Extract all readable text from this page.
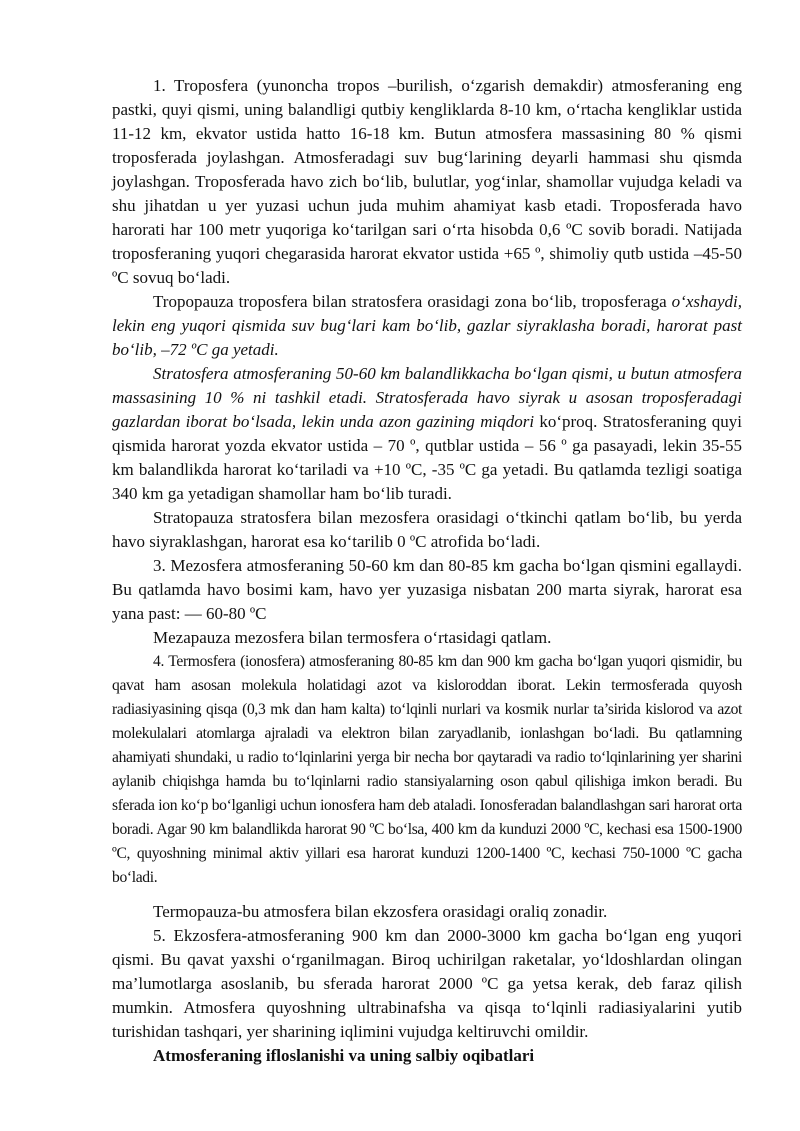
1. Troposfera (yunoncha tropos –burilish, o‘zgarish demakdir) atmosferaning eng pastki, quyi qismi, uning balandligi qutbiy kengliklarda 8-10 km, o‘rtacha kengliklar ustida 11-12 km, ekvator ustida hatto 16-18 km. Butun atmosfera massasining 80 % qismi troposferada joylashgan. Atmosferadagi suv bug‘larining deyarli hammasi shu qismda joylashgan. Troposferada havo zich bo‘lib, bulutlar, yog‘inlar, shamollar vujudga keladi va shu jihatdan u yer yuzasi uchun juda muhim ahamiyat kasb etadi. Troposferada havo harorati har 100 metr yuqoriga ko‘tarilgan sari o‘rta hisobda 0,6 ºC sovib boradi. Natijada troposferaning yuqori chegarasida harorat ekvator ustida +65 º, shimoliy qutb ustida –45-50 ºC sovuq bo‘ladi.

Tropopauza troposfera bilan stratosfera orasidagi zona bo‘lib, troposferaga o‘xshaydi, lekin eng yuqori qismida suv bug‘lari kam bo‘lib, gazlar siyraklasha boradi, harorat past bo‘lib, –72 ºC ga yetadi.

Stratosfera atmosferaning 50-60 km balandlikkacha bo‘lgan qismi, u butun atmosfera massasining 10 % ni tashkil etadi. Stratosferada havo siyrak u asosan troposferadagi gazlardan iborat bo‘lsada, lekin unda azon gazining miqdori ko‘proq. Stratosferaning quyi qismida harorat yozda ekvator ustida – 70 º, qutblar ustida – 56 º ga pasayadi, lekin 35-55 km balandlikda harorat ko‘tariladi va +10 ºC, -35 ºC ga yetadi. Bu qatlamda tezligi soatiga 340 km ga yetadigan shamollar ham bo‘lib turadi.

Stratopauza stratosfera bilan mezosfera orasidagi o‘tkinchi qatlam bo‘lib, bu yerda havo siyraklashgan, harorat esa ko‘tarilib 0 ºC atrofida bo‘ladi.

3. Mezosfera atmosferaning 50-60 km dan 80-85 km gacha bo‘lgan qismini egallaydi. Bu qatlamda havo bosimi kam, havo yer yuzasiga nisbatan 200 marta siyrak, harorat esa yana past: — 60-80 ºC

Mezapauza mezosfera bilan termosfera o‘rtasidagi qatlam.

4. Termosfera (ionosfera) atmosferaning 80-85 km dan 900 km gacha bo‘lgan yuqori qismidir, bu qavat ham asosan molekula holatidagi azot va kisloroddan iborat. Lekin termosferada quyosh radiasiyasining qisqa (0,3 mk dan ham kalta) to‘lqinli nurlari va kosmik nurlar ta’sirida kislorod va azot molekulalari atomlarga ajraladi va elektron bilan zaryadlanib, ionlashgan bo‘ladi. Bu qatlamning ahamiyati shundaki, u radio to‘lqinlarini yerga bir necha bor qaytaradi va radio to‘lqinlarining yer sharini aylanib chiqishga hamda bu to‘lqinlarni radio stansiyalarning oson qabul qilishiga imkon beradi. Bu sferada ion ko‘p bo‘lganligi uchun ionosfera ham deb ataladi. Ionosferadan balandlashgan sari harorat orta boradi. Agar 90 km balandlikda harorat 90 ºC bo‘lsa, 400 km da kunduzi 2000 ºC, kechasi esa 1500-1900 ºC, quyoshning minimal aktiv yillari esa harorat kunduzi 1200-1400 ºC, kechasi 750-1000 ºC gacha bo‘ladi.

Termopauza-bu atmosfera bilan ekzosfera orasidagi oraliq zonadir.

5. Ekzosfera-atmosferaning 900 km dan 2000-3000 km gacha bo‘lgan eng yuqori qismi. Bu qavat yaxshi o‘rganilmagan. Biroq uchirilgan raketalar, yo‘ldoshlardan olingan ma’lumotlarga asoslanib, bu sferada harorat 2000 ºC ga yetsa kerak, deb faraz qilish mumkin. Atmosfera quyoshning ultrabinafsha va qisqa to‘lqinli radiasiyalarini yutib turishidan tashqari, yer sharining iqlimini vujudga keltiruvchi omildir.

Atmosferaning ifloslanishi va uning salbiy oqibatlari
